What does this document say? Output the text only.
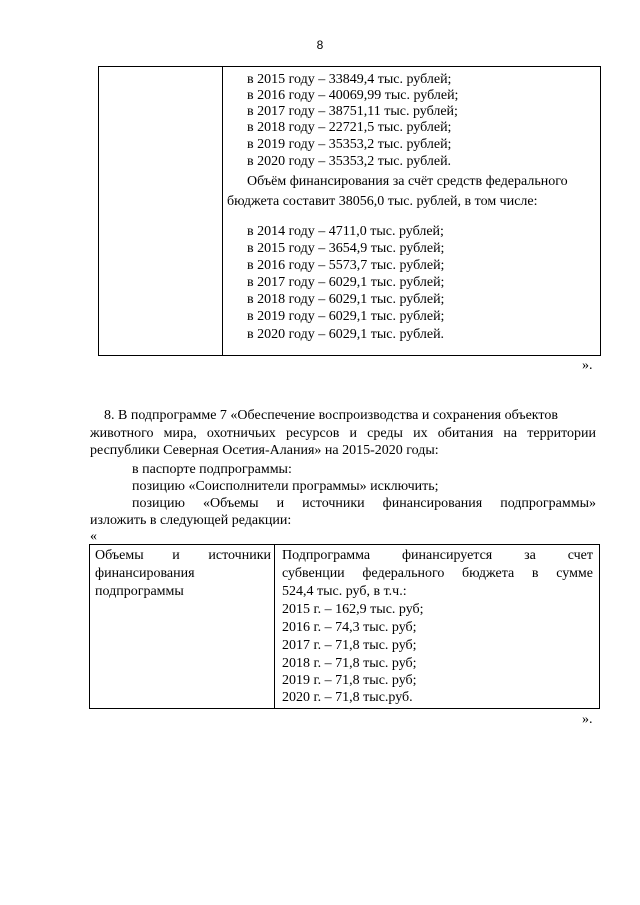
8
в 2015 году – 33849,4 тыс. рублей;
в 2016 году – 40069,99 тыс. рублей;
в 2017 году – 38751,11 тыс. рублей;
в 2018 году – 22721,5 тыс. рублей;
в 2019 году – 35353,2 тыс. рублей;
в 2020 году – 35353,2 тыс. рублей.
Объём финансирования за счёт средств федерального
бюджета составит 38056,0 тыс. рублей, в том числе:
в 2014 году – 4711,0 тыс. рублей;
в 2015 году – 3654,9 тыс. рублей;
в 2016 году – 5573,7 тыс. рублей;
в 2017 году – 6029,1 тыс. рублей;
в 2018 году – 6029,1 тыс. рублей;
в 2019 году – 6029,1 тыс. рублей;
в 2020 году – 6029,1 тыс. рублей.
».
8. В подпрограмме 7 «Обеспечение воспроизводства и сохранения объектов
животного мира, охотничьих ресурсов и среды их обитания на территории
республики Северная Осетия-Алания» на 2015-2020 годы:
в паспорте подпрограммы:
позицию «Соисполнители программы» исключить;
позицию «Объемы и источники финансирования подпрограммы»
изложить в следующей редакции:
«
Объемы и источники
финансирования
подпрограммы
Подпрограмма финансируется за счет
субвенции федерального бюджета в сумме
524,4 тыс. руб, в т.ч.:
2015 г. – 162,9 тыс. руб;
2016 г. – 74,3 тыс. руб;
2017 г. – 71,8 тыс. руб;
2018 г. – 71,8 тыс. руб;
2019 г. – 71,8 тыс. руб;
2020 г. – 71,8 тыс.руб.
».
